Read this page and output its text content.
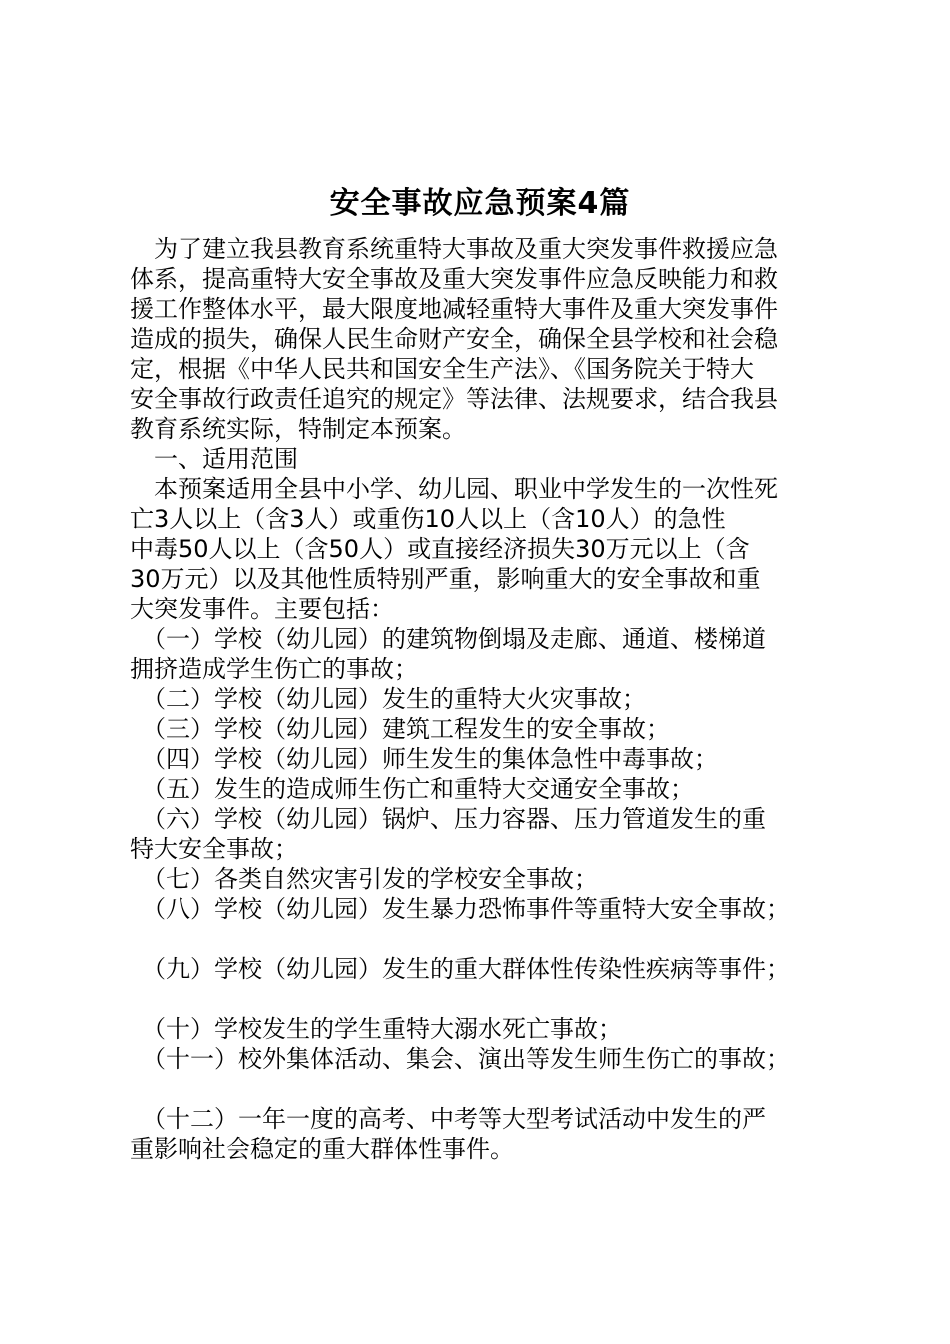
安全事故应急预案4篇
　为了建立我县教育系统重特大事故及重大突发事件救援应急
体系，提高重特大安全事故及重大突发事件应急反映能力和救
援工作整体水平，最大限度地减轻重特大事件及重大突发事件
造成的损失，确保人民生命财产安全，确保全县学校和社会稳
定，根据《中华人民共和国安全生产法》、《国务院关于特大
安全事故行政责任追究的规定》等法律、法规要求，结合我县
教育系统实际，特制定本预案。
　一、适用范围
　本预案适用全县中小学、幼儿园、职业中学发生的一次性死
亡3人以上（含3人）或重伤10人以上（含10人）的急性
中毒50人以上（含50人）或直接经济损失30万元以上（含
30万元）以及其他性质特别严重，影响重大的安全事故和重
大突发事件。主要包括：
　（一）学校（幼儿园）的建筑物倒塌及走廊、通道、楼梯道
拥挤造成学生伤亡的事故；
　（二）学校（幼儿园）发生的重特大火灾事故；
　（三）学校（幼儿园）建筑工程发生的安全事故；
　（四）学校（幼儿园）师生发生的集体急性中毒事故；
　（五）发生的造成师生伤亡和重特大交通安全事故；
　（六）学校（幼儿园）锅炉、压力容器、压力管道发生的重
特大安全事故；
　（七）各类自然灾害引发的学校安全事故；
　（八）学校（幼儿园）发生暴力恐怖事件等重特大安全事故；
　（九）学校（幼儿园）发生的重大群体性传染性疾病等事件；
　（十）学校发生的学生重特大溺水死亡事故；
　（十一）校外集体活动、集会、演出等发生师生伤亡的事故；
　（十二）一年一度的高考、中考等大型考试活动中发生的严
重影响社会稳定的重大群体性事件。
